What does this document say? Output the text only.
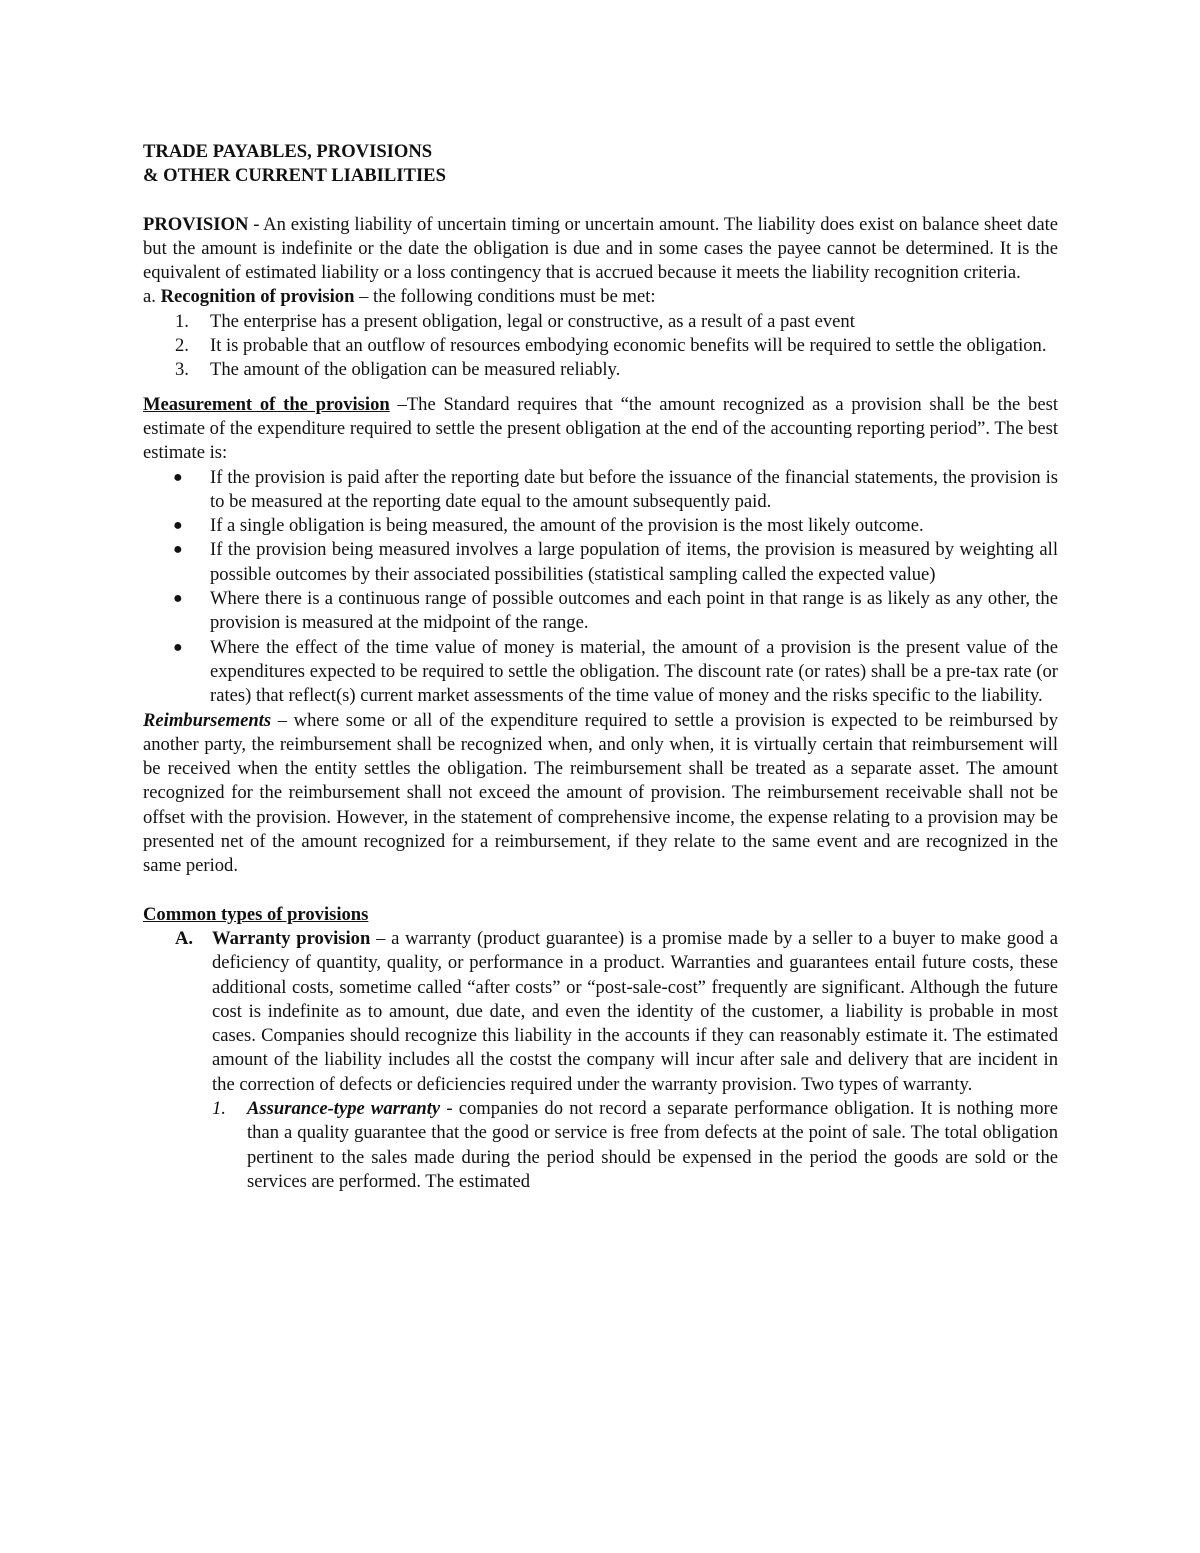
TRADE PAYABLES, PROVISIONS

& OTHER CURRENT LIABILITIES

PROVISION - An existing liability of uncertain timing or uncertain amount. The liability does exist on balance sheet date but the amount is indefinite or the date the obligation is due and in some cases the payee cannot be determined. It is the equivalent of estimated liability or a loss contingency that is accrued because it meets the liability recognition criteria.

a. Recognition of provision – the following conditions must be met:

1.	The enterprise has a present obligation, legal or constructive, as a result of a past event
2.	It is probable that an outflow of resources embodying economic benefits will be required to settle the obligation.
3.	The amount of the obligation can be measured reliably.

Measurement of the provision –The Standard requires that “the amount recognized as a provision shall be the best estimate of the expenditure required to settle the present obligation at the end of the accounting reporting period”. The best estimate is:

●	If the provision is paid after the reporting date but before the issuance of the financial statements, the provision is to be measured at the reporting date equal to the amount subsequently paid.
●	If a single obligation is being measured, the amount of the provision is the most likely outcome.
●	If the provision being measured involves a large population of items, the provision is measured by weighting all possible outcomes by their associated possibilities (statistical sampling called the expected value)
●	Where there is a continuous range of possible outcomes and each point in that range is as likely as any other, the provision is measured at the midpoint of the range.
●	Where the effect of the time value of money is material, the amount of a provision is the present value of the expenditures expected to be required to settle the obligation. The discount rate (or rates) shall be a pre-tax rate (or rates) that reflect(s) current market assessments of the time value of money and the risks specific to the liability.

Reimbursements – where some or all of the expenditure required to settle a provision is expected to be reimbursed by another party, the reimbursement shall be recognized when, and only when, it is virtually certain that reimbursement will be received when the entity settles the obligation. The reimbursement shall be treated as a separate asset. The amount recognized for the reimbursement shall not exceed the amount of provision. The reimbursement receivable shall not be offset with the provision. However, in the statement of comprehensive income, the expense relating to a provision may be presented net of the amount recognized for a reimbursement, if they relate to the same event and are recognized in the same period.

Common types of provisions

A.	Warranty provision – a warranty (product guarantee) is a promise made by a seller to a buyer to make good a deficiency of quantity, quality, or performance in a product. Warranties and guarantees entail future costs, these additional costs, sometime called “after costs” or “post-sale-cost” frequently are significant. Although the future cost is indefinite as to amount, due date, and even the identity of the customer, a liability is probable in most cases. Companies should recognize this liability in the accounts if they can reasonably estimate it. The estimated amount of the liability includes all the costst the company will incur after sale and delivery that are incident in the correction of defects or deficiencies required under the warranty provision. Two types of warranty.
1.	Assurance-type warranty - companies do not record a separate performance obligation. It is nothing more than a quality guarantee that the good or service is free from defects at the point of sale. The total obligation pertinent to the sales made during the period should be expensed in the period the goods are sold or the services are performed. The estimated
